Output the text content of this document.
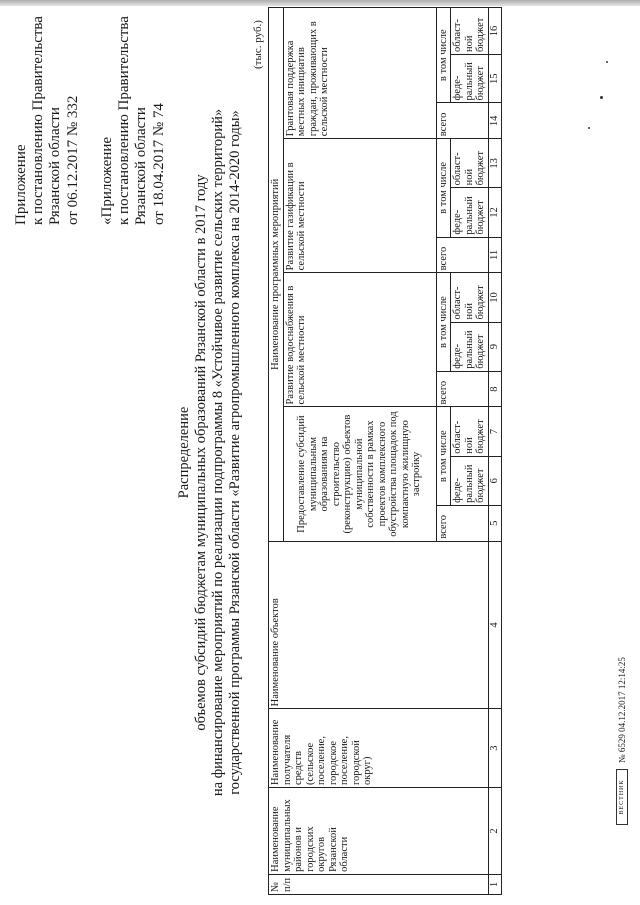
Приложение к постановлению Правительства Рязанской области от 06.12.2017 № 332 «Приложение к постановлению Правительства Рязанской области от 18.04.2017 № 74
Распределение объемов субсидий бюджетам муниципальных образований Рязанской области в 2017 году на финансирование мероприятий по реализации подпрограммы 8 «Устойчивое развитие сельских территорий» государственной программы Рязанской области «Развитие агропромышленного комплекса на 2014-2020 годы»
(тыс. руб.)
№ п/п	Наименование муниципальных районов и городских округов Рязанской области	Наименование получателя средств (сельское поселение, городское поселение, городской округ)	Наименование объектов	Наименование программных мероприятий											
				Предоставление субсидий муниципальным образованиям на строительство (реконструкцию) объектов муниципальной собственности в рамках проектов комплексного обустройства площадок под компактную жилищную застройку			Развитие водоснабжения в сельской местности			Развитие газификации в сельской местности			Грантовая поддержка местных инициатив граждан, проживающих в сельской местности		
				всего	в том числе		всего	в том числе		всего	в том числе		всего	в том числе	
					феде-ральный бюджет	област-ной бюджет		феде-ральный бюджет	област-ной бюджет		феде-ральный бюджет	област-ной бюджет		феде-ральный бюджет	област-ной бюджет
1	2	3	4	5	6	7	8	9	10	11	12	13	14	15	16
ВЕСТНИК
№ 6529 04.12.2017 12:14:25
